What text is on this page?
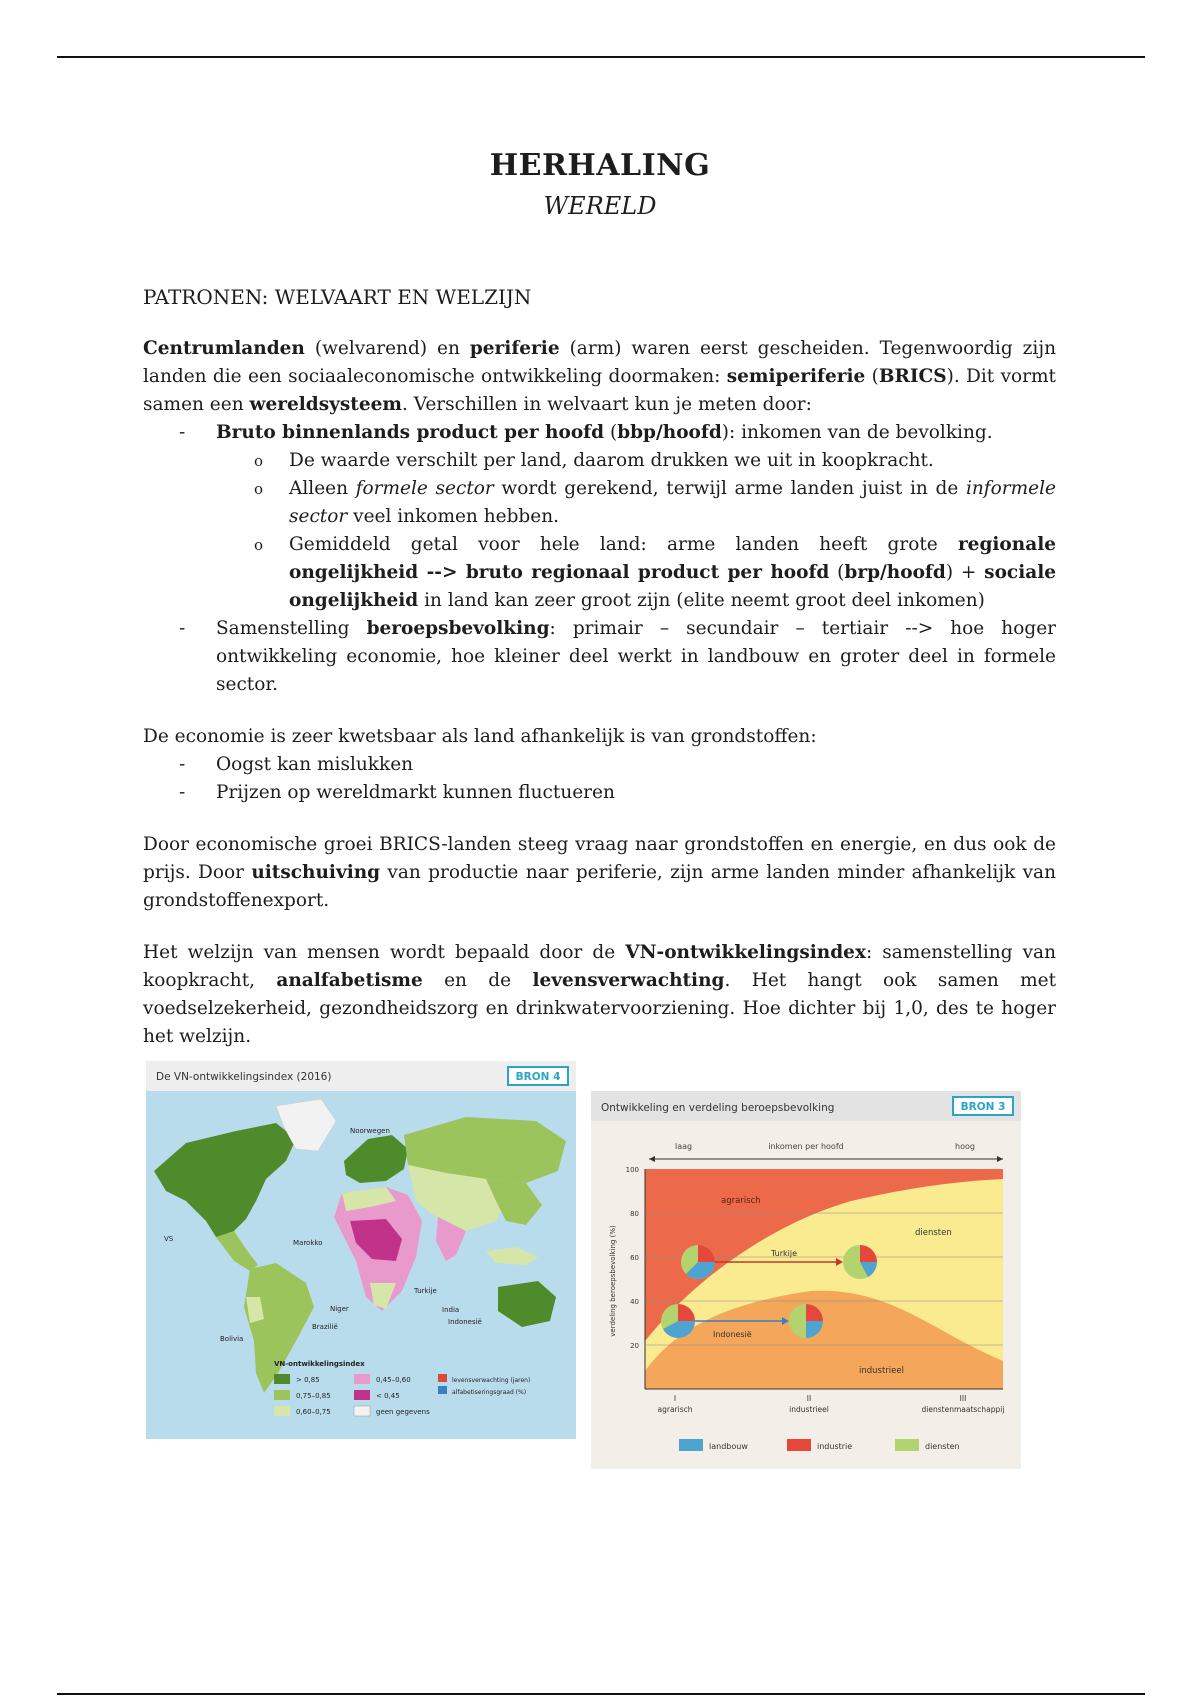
HERHALING
WERELD
PATRONEN: WELVAART EN WELZIJN

Centrumlanden (welvarend) en periferie (arm) waren eerst gescheiden. Tegenwoordig zijn landen die een sociaaleconomische ontwikkeling doormaken: semiperiferie (BRICS). Dit vormt samen een wereldsysteem. Verschillen in welvaart kun je meten door:

- Bruto binnenlands product per hoofd (bbp/hoofd): inkomen van de bevolking.
o De waarde verschilt per land, daarom drukken we uit in koopkracht.
o Alleen formele sector wordt gerekend, terwijl arme landen juist in de informele sector veel inkomen hebben.
o Gemiddeld getal voor hele land: arme landen heeft grote regionale ongelijkheid --> bruto regionaal product per hoofd (brp/hoofd) + sociale ongelijkheid in land kan zeer groot zijn (elite neemt groot deel inkomen)
- Samenstelling beroepsbevolking: primair – secundair – tertiair --> hoe hoger ontwikkeling economie, hoe kleiner deel werkt in landbouw en groter deel in formele sector.

De economie is zeer kwetsbaar als land afhankelijk is van grondstoffen:

- Oogst kan mislukken
- Prijzen op wereldmarkt kunnen fluctueren

Door economische groei BRICS-landen steeg vraag naar grondstoffen en energie, en dus ook de prijs. Door uitschuiving van productie naar periferie, zijn arme landen minder afhankelijk van grondstoffenexport.

Het welzijn van mensen wordt bepaald door de VN-ontwikkelingsindex: samenstelling van koopkracht, analfabetisme en de levensverwachting. Het hangt ook samen met voedselzekerheid, gezondheidszorg en drinkwatervoorziening. Hoe dichter bij 1,0, des te hoger het welzijn.

De VN-ontwikkelingsindex (2016)	BRON 4
Noorwegen
VS	Marokko
Turkije
Niger	India
Indonesië
Brazilië
Bolivia
VN-ontwikkelingsindex
> 0,85
0,75–0,85
0,60–0,75
0,45–0,60
< 0,45
geen gegevens
levensverwachting (jaren)
alfabetiseringsgraad (%)
Ontwikkeling en verdeling beroepsbevolking	BRON 3
laag	inkomen per hoofd	hoog
100
80
60
40
20
verdeling beroepsbevolking (%)
agrarisch
diensten
industrieel
Turkije
Indonesië
I
agrarisch
II
industrieel
III
dienstenmaatschappij
landbouw	industrie	diensten
